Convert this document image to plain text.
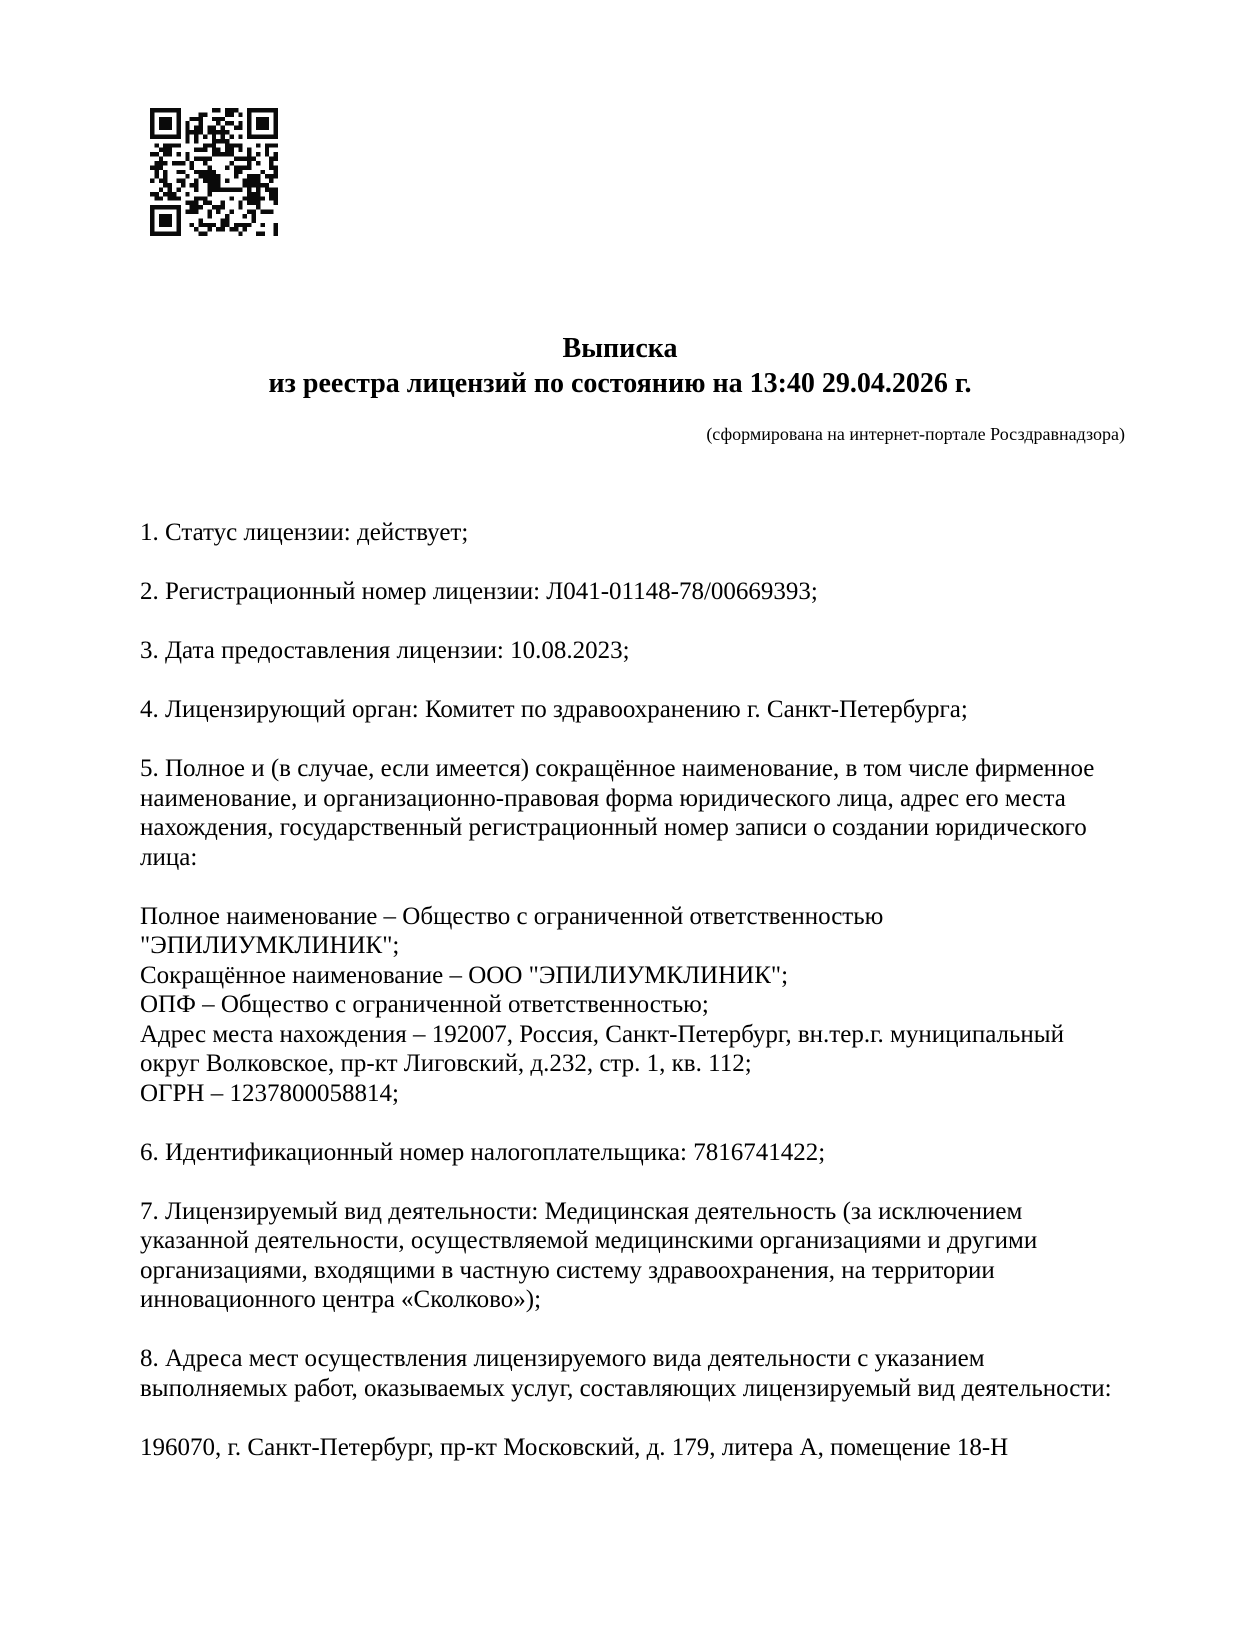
Выписка
из реестра лицензий по состоянию на 13:40 29.04.2026 г.
(сформирована на интернет-портале Росздравнадзора)
1. Статус лицензии: действует;
2. Регистрационный номер лицензии: Л041-01148-78/00669393;
3. Дата предоставления лицензии: 10.08.2023;
4. Лицензирующий орган: Комитет по здравоохранению г. Санкт-Петербурга;
5. Полное и (в случае, если имеется) сокращённое наименование, в том числе фирменное наименование, и организационно-правовая форма юридического лица, адрес его места нахождения, государственный регистрационный номер записи о создании юридического лица:
Полное наименование – Общество с ограниченной ответственностью "ЭПИЛИУМКЛИНИК";
Сокращённое наименование – ООО "ЭПИЛИУМКЛИНИК";
ОПФ – Общество с ограниченной ответственностью;
Адрес места нахождения – 192007, Россия, Санкт-Петербург, вн.тер.г. муниципальный округ Волковское, пр-кт Лиговский, д.232, стр. 1, кв. 112;
ОГРН – 1237800058814;
6. Идентификационный номер налогоплательщика: 7816741422;
7. Лицензируемый вид деятельности: Медицинская деятельность (за исключением указанной деятельности, осуществляемой медицинскими организациями и другими организациями, входящими в частную систему здравоохранения, на территории инновационного центра «Сколково»);
8. Адреса мест осуществления лицензируемого вида деятельности с указанием выполняемых работ, оказываемых услуг, составляющих лицензируемый вид деятельности:
196070, г. Санкт-Петербург, пр-кт Московский, д. 179, литера А, помещение 18-Н
